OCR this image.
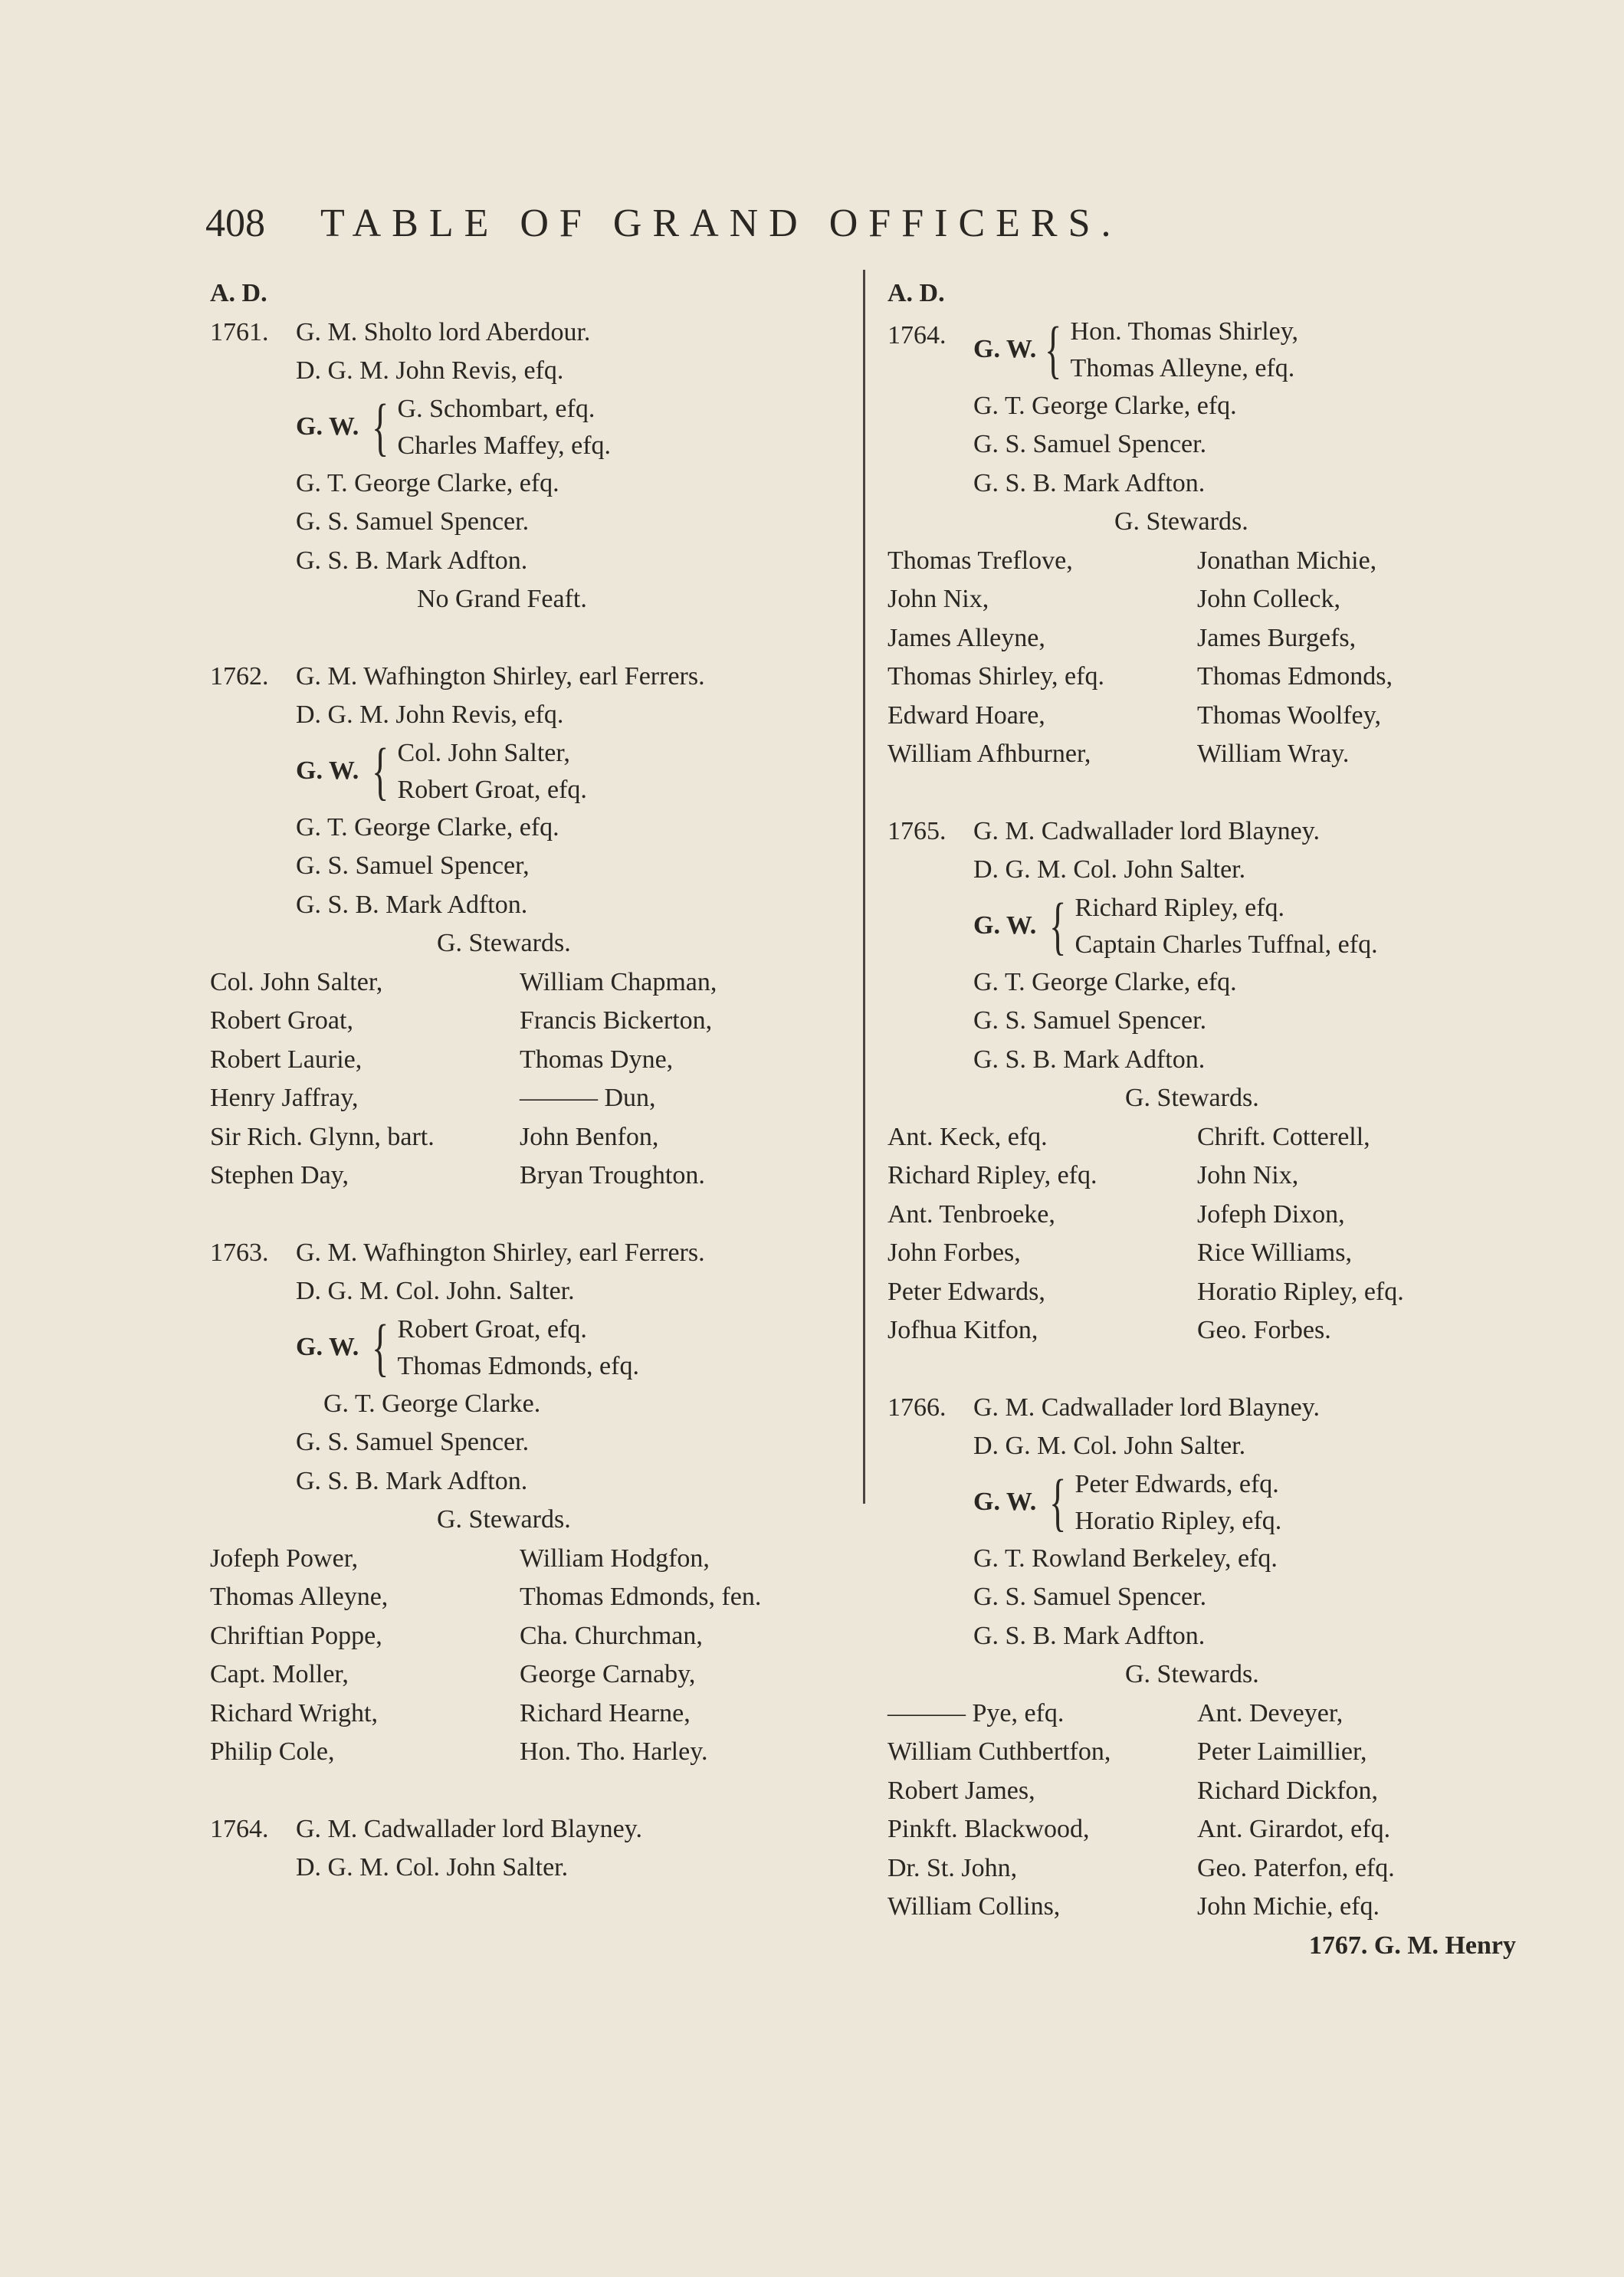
408 TABLE OF GRAND OFFICERS.
A. D.
1761. G. M. Sholto lord Aberdour.
D. G. M. John Revis, efq.
G. W. { G. Schombart, efq.
Charles Maffey, efq.
G. T. George Clarke, efq.
G. S. Samuel Spencer.
G. S. B. Mark Adfton.
No Grand Feaft.
1762. G. M. Wafhington Shirley, earl Ferrers.
D. G. M. John Revis, efq.
G. W. { Col. John Salter,
Robert Groat, efq.
G. T. George Clarke, efq.
G. S. Samuel Spencer,
G. S. B. Mark Adfton.
G. Stewards.
Col. John Salter,	William Chapman,
Robert Groat,	Francis Bickerton,
Robert Laurie,	Thomas Dyne,
Henry Jaffray,	——— Dun,
Sir Rich. Glynn, bart.	John Benfon,
Stephen Day,	Bryan Troughton.
1763. G. M. Wafhington Shirley, earl Ferrers.
D. G. M. Col. John. Salter.
G. W. { Robert Groat, efq.
Thomas Edmonds, efq.
G. T. George Clarke.
G. S. Samuel Spencer.
G. S. B. Mark Adfton.
G. Stewards.
Jofeph Power,	William Hodgfon,
Thomas Alleyne,	Thomas Edmonds, fen.
Chriftian Poppe,	Cha. Churchman,
Capt. Moller,	George Carnaby,
Richard Wright,	Richard Hearne,
Philip Cole,	Hon. Tho. Harley.
1764. G. M. Cadwallader lord Blayney.
D. G. M. Col. John Salter.
A. D.
1764.
G. W. { Hon. Thomas Shirley,
Thomas Alleyne, efq.
G. T. George Clarke, efq.
G. S. Samuel Spencer.
G. S. B. Mark Adfton.
G. Stewards.
Thomas Treflove,	Jonathan Michie,
John Nix,	John Colleck,
James Alleyne,	James Burgefs,
Thomas Shirley, efq.	Thomas Edmonds,
Edward Hoare,	Thomas Woolfey,
William Afhburner,	William Wray.
1765. G. M. Cadwallader lord Blayney.
D. G. M. Col. John Salter.
G. W. { Richard Ripley, efq.
Captain Charles Tuffnal, efq.
G. T. George Clarke, efq.
G. S. Samuel Spencer.
G. S. B. Mark Adfton.
G. Stewards.
Ant. Keck, efq.	Chrift. Cotterell,
Richard Ripley, efq.	John Nix,
Ant. Tenbroeke,	Jofeph Dixon,
John Forbes,	Rice Williams,
Peter Edwards,	Horatio Ripley, efq.
Jofhua Kitfon,	Geo. Forbes.
1766. G. M. Cadwallader lord Blayney.
D. G. M. Col. John Salter.
G. W. { Peter Edwards, efq.
Horatio Ripley, efq.
G. T. Rowland Berkeley, efq.
G. S. Samuel Spencer.
G. S. B. Mark Adfton.
G. Stewards.
——— Pye, efq.	Ant. Deveyer,
William Cuthbertfon,	Peter Laimillier,
Robert James,	Richard Dickfon,
Pinkft. Blackwood,	Ant. Girardot, efq.
Dr. St. John,	Geo. Paterfon, efq.
William Collins,	John Michie, efq.
1767. G. M. Henry
